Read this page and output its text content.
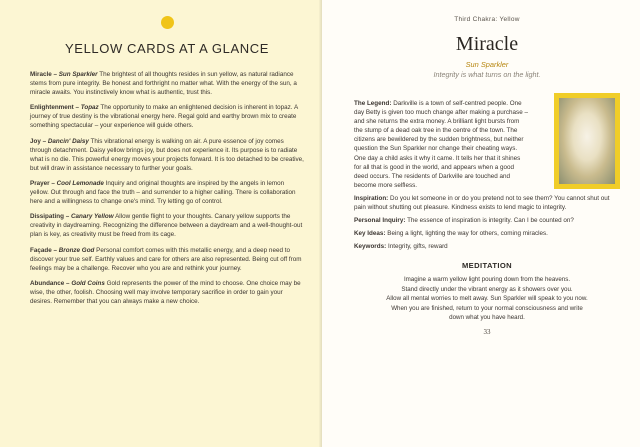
YELLOW CARDS AT A GLANCE

Miracle – Sun Sparkler The brightest of all thoughts resides in sun yellow, as natural radiance stems from pure integrity. Be honest and forthright no matter what. With the energy of the sun, a miracle awaits. You instinctively know what is authentic, trust this.

Enlightenment – Topaz The opportunity to make an enlightened decision is inherent in topaz. A journey of true destiny is the vibrational energy here. Regal gold and earthy brown mix to create something spectacular – your experience will guide others.

Joy – Dancin' Daisy This vibrational energy is walking on air. A pure essence of joy comes through detachment. Daisy yellow brings joy, but does not experience it. Its purpose is to radiate what is no die. This powerful energy moves your projects forward. It is too detached to be creative, but will draw in assistance necessary to further your goals.

Prayer – Cool Lemonade Inquiry and original thoughts are inspired by the angels in lemon yellow. Out through and face the truth – and surrender to a higher calling. There is collaboration here and a willingness to change one's mind. Try letting go of control.

Dissipating – Canary Yellow Allow gentle flight to your thoughts. Canary yellow supports the creativity in daydreaming. Recognizing the difference between a daydream and a well-thought-out plan is key, as creativity must be freed from its cage.

Façade – Bronze God Personal comfort comes with this metallic energy, and a deep need to discover your true self. Earthly values and care for others are also represented. Being cut off from feelings may be a challenge. Recover who you are and rethink your journey.

Abundance – Gold Coins Gold represents the power of the mind to choose. One choice may be wise, the other, foolish. Choosing well may involve temporary sacrifice in order to gain your desires. Remember that you can always make a new choice.

Third Chakra: Yellow
Miracle
Sun Sparkler
Integrity is what turns on the light.

The Legend: Darkville is a town of self-centred people. One day Betty is given too much change after making a purchase – and she returns the extra money. A brilliant light bursts from the stump of a dead oak tree in the centre of the town. The citizens are bewildered by the sudden brightness, but neither question the Sun Sparkler nor change their cheating ways. One day a child asks it why it came. It tells her that it shines for all that is good in the world, and appears when a good deed occurs. The residents of Darkville are touched and become more selfless.

Inspiration: Do you let someone in or do you pretend not to see them? You cannot shut out pain without shutting out pleasure. Kindness exists to lend magic to integrity.

Personal Inquiry: The essence of inspiration is integrity. Can I be counted on?

Key Ideas: Being a light, lighting the way for others, coming miracles.

Keywords: Integrity, gifts, reward

MEDITATION
Imagine a warm yellow light pouring down from the heavens.
Stand directly under the vibrant energy as it showers over you.
Allow all mental worries to melt away. Sun Sparkler will speak to you now.
When you are finished, return to your normal consciousness and write
down what you have heard.
33
